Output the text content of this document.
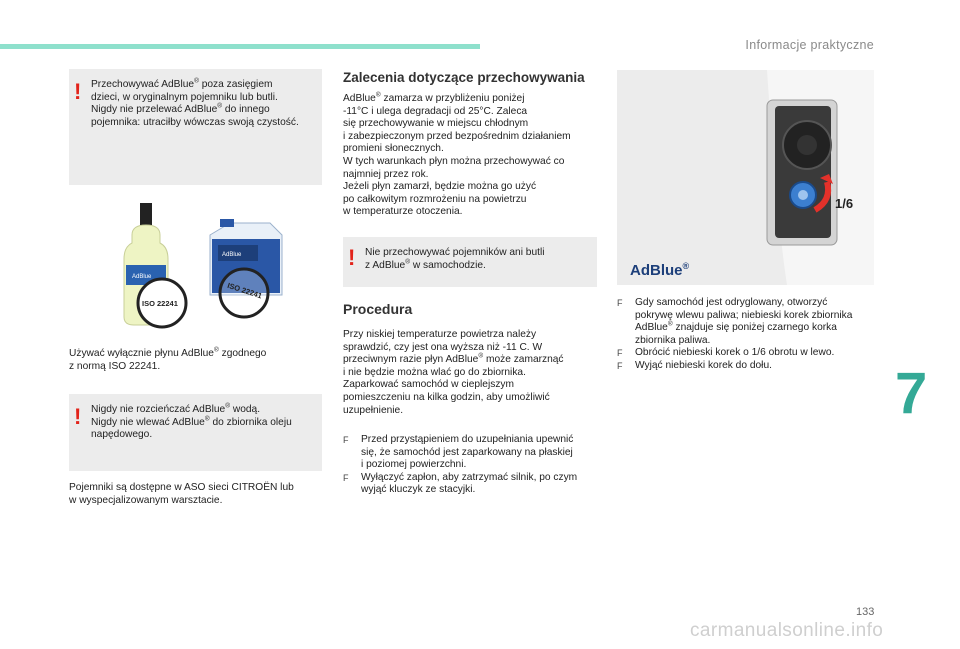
Informacje praktyczne
! Przechowywać AdBlue® poza zasięgiem
dzieci, w oryginalnym pojemniku lub butli.
Nigdy nie przelewać AdBlue® do innego
pojemnika: utraciłby wówczas swoją czystość.
AdBlue
AdBlue
ISO 22241
ISO 22241
Używać wyłącznie płynu AdBlue® zgodnego
z normą ISO 22241.
! Nigdy nie rozcieńczać AdBlue® wodą.
Nigdy nie wlewać AdBlue® do zbiornika oleju
napędowego.
Pojemniki są dostępne w ASO sieci CITROËN lub
w wyspecjalizowanym warsztacie.
Zalecenia dotyczące przechowywania
AdBlue® zamarza w przybliżeniu poniżej
-11°C i ulega degradacji od 25°C. Zaleca
się przechowywanie w miejscu chłodnym
i zabezpieczonym przed bezpośrednim działaniem
promieni słonecznych.
W tych warunkach płyn można przechowywać co
najmniej przez rok.
Jeżeli płyn zamarzł, będzie można go użyć
po całkowitym rozmrożeniu na powietrzu
w temperaturze otoczenia.
! Nie przechowywać pojemników ani butli
z AdBlue® w samochodzie.
Procedura
Przy niskiej temperaturze powietrza należy
sprawdzić, czy jest ona wyższa niż -11 C. W
przeciwnym razie płyn AdBlue® może zamarznąć
i nie będzie można wlać go do zbiornika.
Zaparkować samochód w cieplejszym
pomieszczeniu na kilka godzin, aby umożliwić
uzupełnienie.
F Przed przystąpieniem do uzupełniania upewnić
się, że samochód jest zaparkowany na płaskiej
i poziomej powierzchni.
F Wyłączyć zapłon, aby zatrzymać silnik, po czym
wyjąć kluczyk ze stacyjki.
1/6
AdBlue®
F Gdy samochód jest odryglowany, otworzyć
pokrywę wlewu paliwa; niebieski korek zbiornika
AdBlue® znajduje się poniżej czarnego korka
zbiornika paliwa.
F Obrócić niebieski korek o 1/6 obrotu w lewo.
F Wyjąć niebieski korek do dołu.	7
133
carmanualsonline.info
